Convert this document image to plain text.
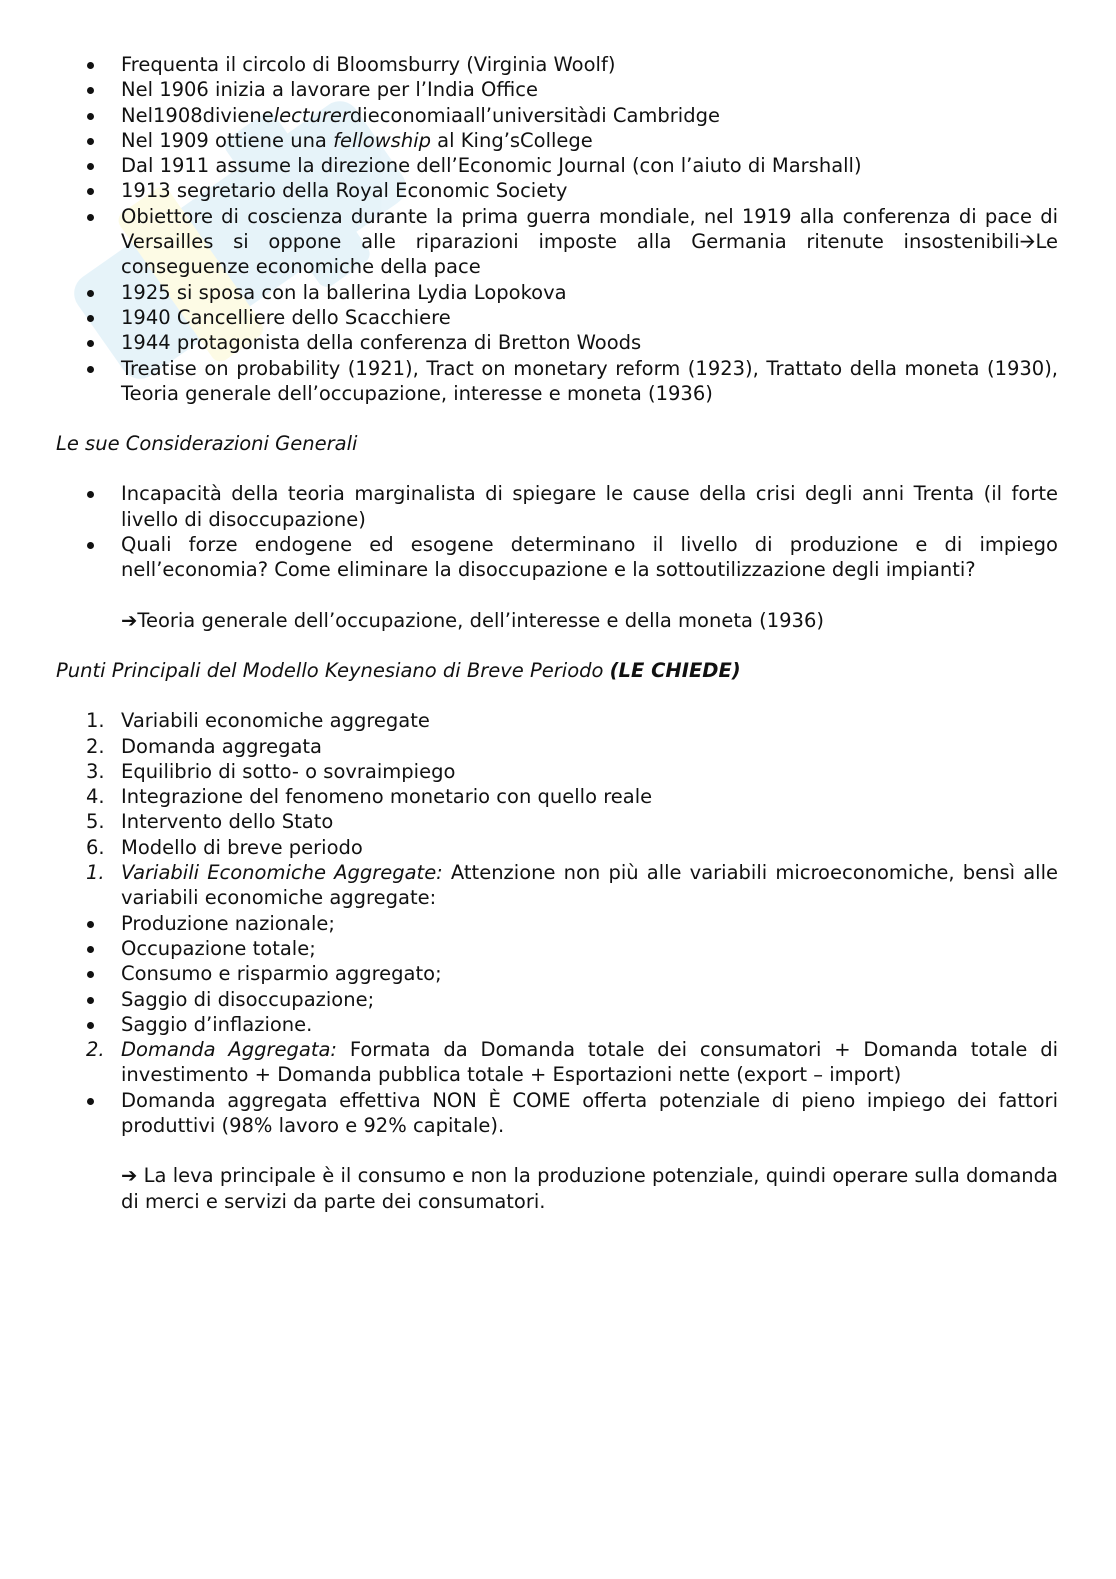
Frequenta il circolo di Bloomsburry (Virginia Woolf)
Nel 1906 inizia a lavorare per l’India Office
Nel1908divienelecturerdieconomiaall’universitàdi Cambridge
Nel 1909 ottiene una fellowship al King’sCollege
Dal 1911 assume la direzione dell’Economic Journal (con l’aiuto di Marshall)
1913 segretario della Royal Economic Society
Obiettore di coscienza durante la prima guerra mondiale, nel 1919 alla conferenza di pace di Versailles si oppone alle riparazioni imposte alla Germania ritenute insostenibili🡪Le conseguenze economiche della pace
1925 si sposa con la ballerina Lydia Lopokova
1940 Cancelliere dello Scacchiere
1944 protagonista della conferenza di Bretton Woods
Treatise on probability (1921), Tract on monetary reform (1923), Trattato della moneta (1930), Teoria generale dell’occupazione, interesse e moneta (1936)
Le sue Considerazioni Generali
Incapacità della teoria marginalista di spiegare le cause della crisi degli anni Trenta (il forte livello di disoccupazione)
Quali forze endogene ed esogene determinano il livello di produzione e di impiego nell’economia? Come eliminare la disoccupazione e la sottoutilizzazione degli impianti?
➔Teoria generale dell’occupazione, dell’interesse e della moneta (1936)
Punti Principali del Modello Keynesiano di Breve Periodo (LE CHIEDE)
1. Variabili economiche aggregate
2. Domanda aggregata
3. Equilibrio di sotto- o sovraimpiego
4. Integrazione del fenomeno monetario con quello reale
5. Intervento dello Stato
6. Modello di breve periodo
1. Variabili Economiche Aggregate: Attenzione non più alle variabili microeconomiche, bensì alle variabili economiche aggregate:
Produzione nazionale;
Occupazione totale;
Consumo e risparmio aggregato;
Saggio di disoccupazione;
Saggio d’inflazione.
2. Domanda Aggregata: Formata da Domanda totale dei consumatori + Domanda totale di investimento + Domanda pubblica totale + Esportazioni nette (export – import)
Domanda aggregata effettiva NON È COME offerta potenziale di pieno impiego dei fattori produttivi (98% lavoro e 92% capitale).
➔ La leva principale è il consumo e non la produzione potenziale, quindi operare sulla domanda di merci e servizi da parte dei consumatori.
